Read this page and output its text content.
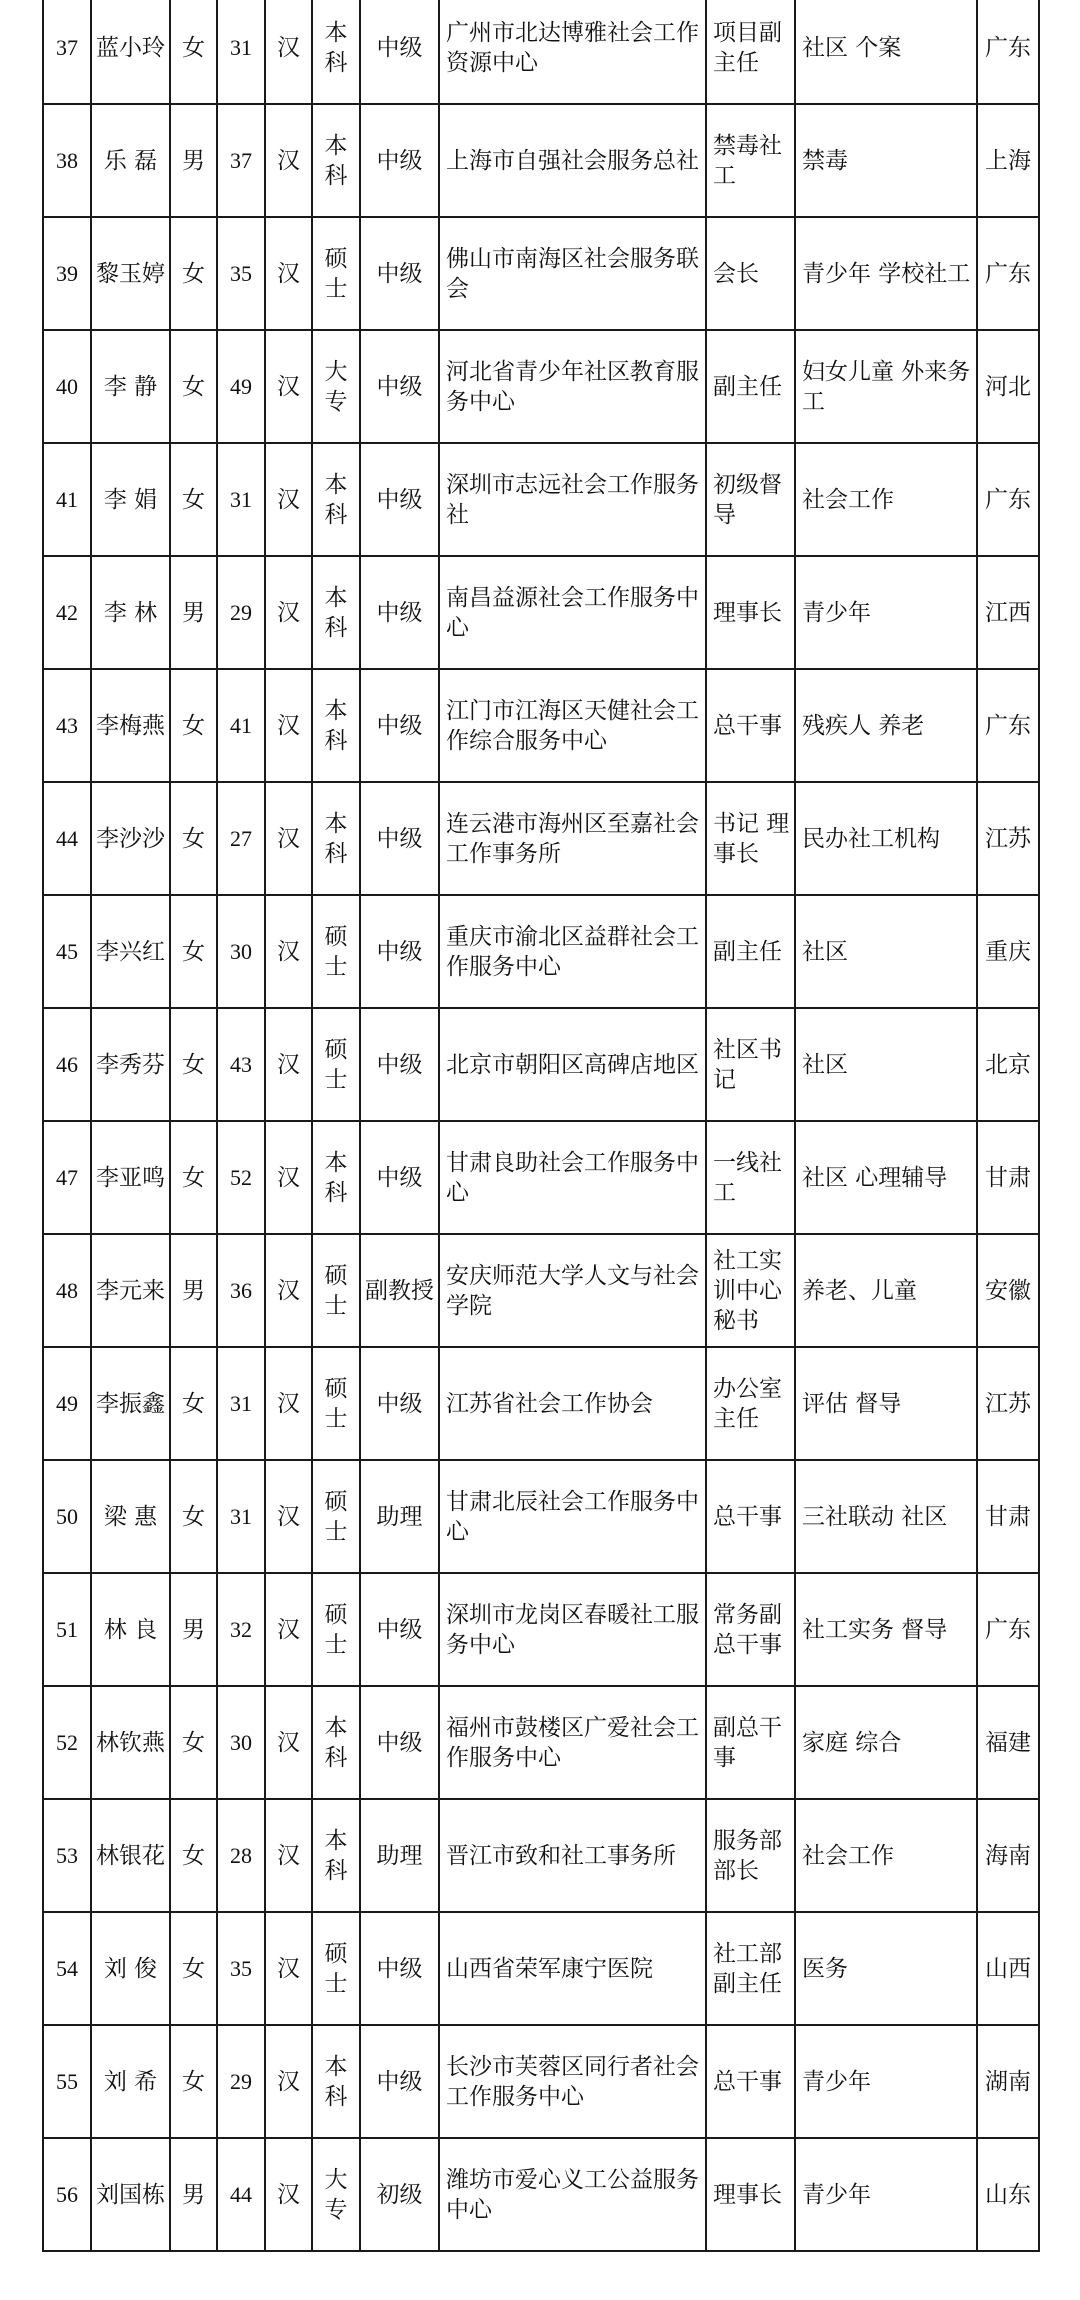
37	蓝小玲	女	31	汉	本科	中级	广州市北达博雅社会工作资源中心	项目副主任	社区 个案	广东
38	乐 磊	男	37	汉	本科	中级	上海市自强社会服务总社	禁毒社工	禁毒	上海
39	黎玉婷	女	35	汉	硕士	中级	佛山市南海区社会服务联会	会长	青少年 学校社工	广东
40	李 静	女	49	汉	大专	中级	河北省青少年社区教育服务中心	副主任	妇女儿童 外来务工	河北
41	李 娟	女	31	汉	本科	中级	深圳市志远社会工作服务社	初级督导	社会工作	广东
42	李 林	男	29	汉	本科	中级	南昌益源社会工作服务中心	理事长	青少年	江西
43	李梅燕	女	41	汉	本科	中级	江门市江海区天健社会工作综合服务中心	总干事	残疾人 养老	广东
44	李沙沙	女	27	汉	本科	中级	连云港市海州区至嘉社会工作事务所	书记 理事长	民办社工机构	江苏
45	李兴红	女	30	汉	硕士	中级	重庆市渝北区益群社会工作服务中心	副主任	社区	重庆
46	李秀芬	女	43	汉	硕士	中级	北京市朝阳区高碑店地区	社区书记	社区	北京
47	李亚鸣	女	52	汉	本科	中级	甘肃良助社会工作服务中心	一线社工	社区 心理辅导	甘肃
48	李元来	男	36	汉	硕士	副教授	安庆师范大学人文与社会学院	社工实训中心秘书	养老、儿童	安徽
49	李振鑫	女	31	汉	硕士	中级	江苏省社会工作协会	办公室主任	评估 督导	江苏
50	梁 惠	女	31	汉	硕士	助理	甘肃北辰社会工作服务中心	总干事	三社联动 社区	甘肃
51	林 良	男	32	汉	硕士	中级	深圳市龙岗区春暖社工服务中心	常务副总干事	社工实务 督导	广东
52	林钦燕	女	30	汉	本科	中级	福州市鼓楼区广爱社会工作服务中心	副总干事	家庭 综合	福建
53	林银花	女	28	汉	本科	助理	晋江市致和社工事务所	服务部部长	社会工作	海南
54	刘 俊	女	35	汉	硕士	中级	山西省荣军康宁医院	社工部副主任	医务	山西
55	刘 希	女	29	汉	本科	中级	长沙市芙蓉区同行者社会工作服务中心	总干事	青少年	湖南
56	刘国栋	男	44	汉	大专	初级	潍坊市爱心义工公益服务中心	理事长	青少年	山东
